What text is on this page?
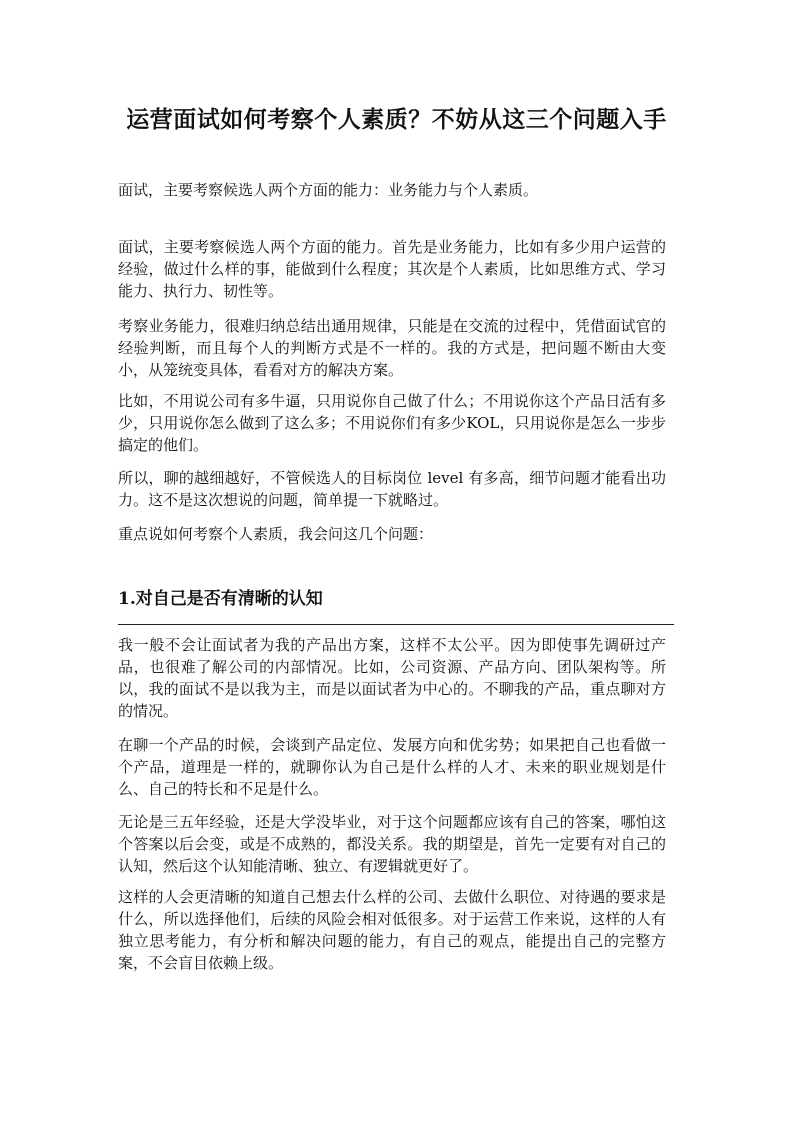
运营面试如何考察个人素质？不妨从这三个问题入手

面试，主要考察候选人两个方面的能力：业务能力与个人素质。

面试，主要考察候选人两个方面的能力。首先是业务能力，比如有多少用户运营的经验，做过什么样的事，能做到什么程度；其次是个人素质，比如思维方式、学习能力、执行力、韧性等。

考察业务能力，很难归纳总结出通用规律，只能是在交流的过程中，凭借面试官的经验判断，而且每个人的判断方式是不一样的。我的方式是，把问题不断由大变小，从笼统变具体，看看对方的解决方案。

比如，不用说公司有多牛逼，只用说你自己做了什么；不用说你这个产品日活有多少，只用说你怎么做到了这么多；不用说你们有多少KOL，只用说你是怎么一步步搞定的他们。

所以，聊的越细越好，不管候选人的目标岗位 level 有多高，细节问题才能看出功力。这不是这次想说的问题，简单提一下就略过。

重点说如何考察个人素质，我会问这几个问题：

1.对自己是否有清晰的认知

我一般不会让面试者为我的产品出方案，这样不太公平。因为即使事先调研过产品，也很难了解公司的内部情况。比如，公司资源、产品方向、团队架构等。所以，我的面试不是以我为主，而是以面试者为中心的。不聊我的产品，重点聊对方的情况。

在聊一个产品的时候，会谈到产品定位、发展方向和优劣势；如果把自己也看做一个产品，道理是一样的，就聊你认为自己是什么样的人才、未来的职业规划是什么、自己的特长和不足是什么。

无论是三五年经验，还是大学没毕业，对于这个问题都应该有自己的答案，哪怕这个答案以后会变，或是不成熟的，都没关系。我的期望是，首先一定要有对自己的认知，然后这个认知能清晰、独立、有逻辑就更好了。

这样的人会更清晰的知道自己想去什么样的公司、去做什么职位、对待遇的要求是什么，所以选择他们，后续的风险会相对低很多。对于运营工作来说，这样的人有独立思考能力，有分析和解决问题的能力，有自己的观点，能提出自己的完整方案，不会盲目依赖上级。
